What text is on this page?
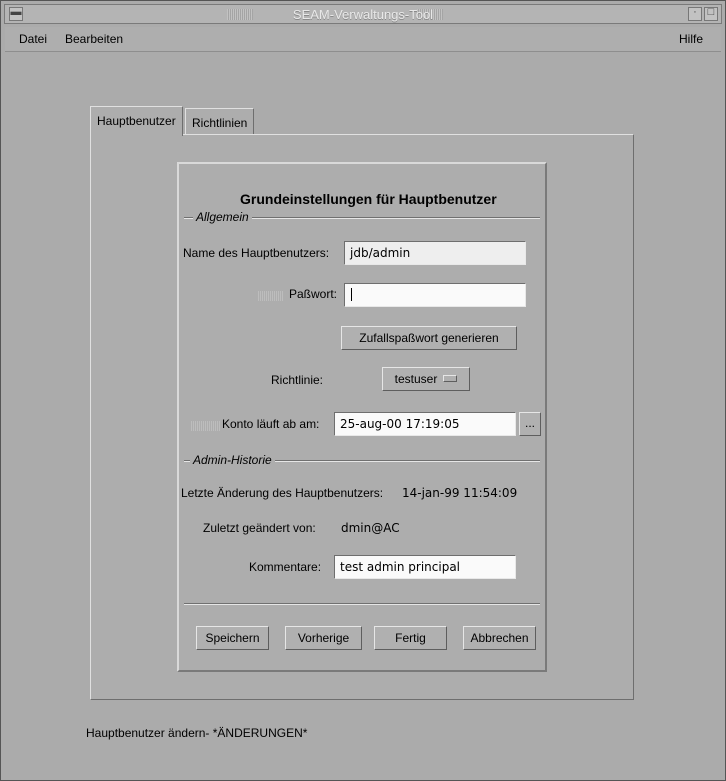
▬	SEAM-Verwaltungs-Tool	· □
Datei Bearbeiten	Hilfe
Hauptbenutzer	Richtlinien
Grundeinstellungen für Hauptbenutzer
Allgemein
Name des Hauptbenutzers:	jdb/admin
Paßwort:
Zufallspaßwort generieren
Richtlinie:	testuser
Konto läuft ab am:	25-aug-00 17:19:05	...
Admin-Historie
Letzte Änderung des Hauptbenutzers: 14-jan-99 11:54:09
Zuletzt geändert von: dmin@AC
Kommentare:	test admin principal
Speichern	Vorherige	Fertig	Abbrechen
Hauptbenutzer ändern- *ÄNDERUNGEN*
